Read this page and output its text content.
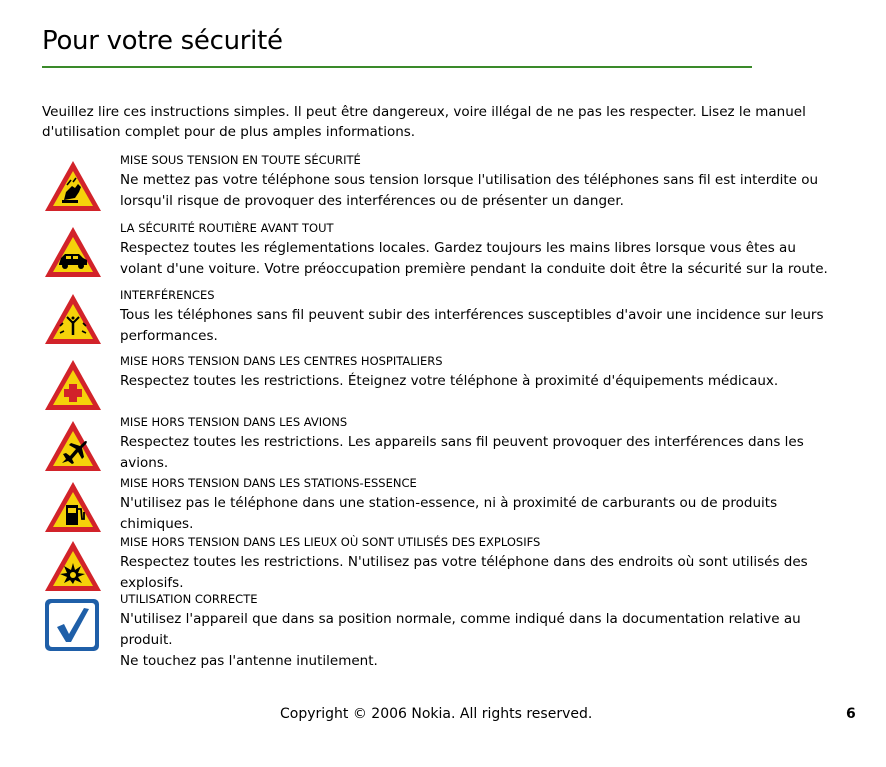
Pour votre sécurité

Veuillez lire ces instructions simples. Il peut être dangereux, voire illégal de ne pas les respecter. Lisez le manuel d'utilisation complet pour de plus amples informations.

MISE SOUS TENSION EN TOUTE SÉCURITÉ
Ne mettez pas votre téléphone sous tension lorsque l'utilisation des téléphones sans fil est interdite ou lorsqu'il risque de provoquer des interférences ou de présenter un danger.
LA SÉCURITÉ ROUTIÈRE AVANT TOUT
Respectez toutes les réglementations locales. Gardez toujours les mains libres lorsque vous êtes au volant d'une voiture. Votre préoccupation première pendant la conduite doit être la sécurité sur la route.
INTERFÉRENCES
Tous les téléphones sans fil peuvent subir des interférences susceptibles d'avoir une incidence sur leurs performances.
MISE HORS TENSION DANS LES CENTRES HOSPITALIERS
Respectez toutes les restrictions. Éteignez votre téléphone à proximité d'équipements médicaux.
MISE HORS TENSION DANS LES AVIONS
Respectez toutes les restrictions. Les appareils sans fil peuvent provoquer des interférences dans les avions.
MISE HORS TENSION DANS LES STATIONS-ESSENCE
N'utilisez pas le téléphone dans une station-essence, ni à proximité de carburants ou de produits chimiques.
MISE HORS TENSION DANS LES LIEUX OÙ SONT UTILISÉS DES EXPLOSIFS
Respectez toutes les restrictions. N'utilisez pas votre téléphone dans des endroits où sont utilisés des explosifs.
UTILISATION CORRECTE
N'utilisez l'appareil que dans sa position normale, comme indiqué dans la documentation relative au produit.
Ne touchez pas l'antenne inutilement.

Copyright © 2006 Nokia. All rights reserved.	6
